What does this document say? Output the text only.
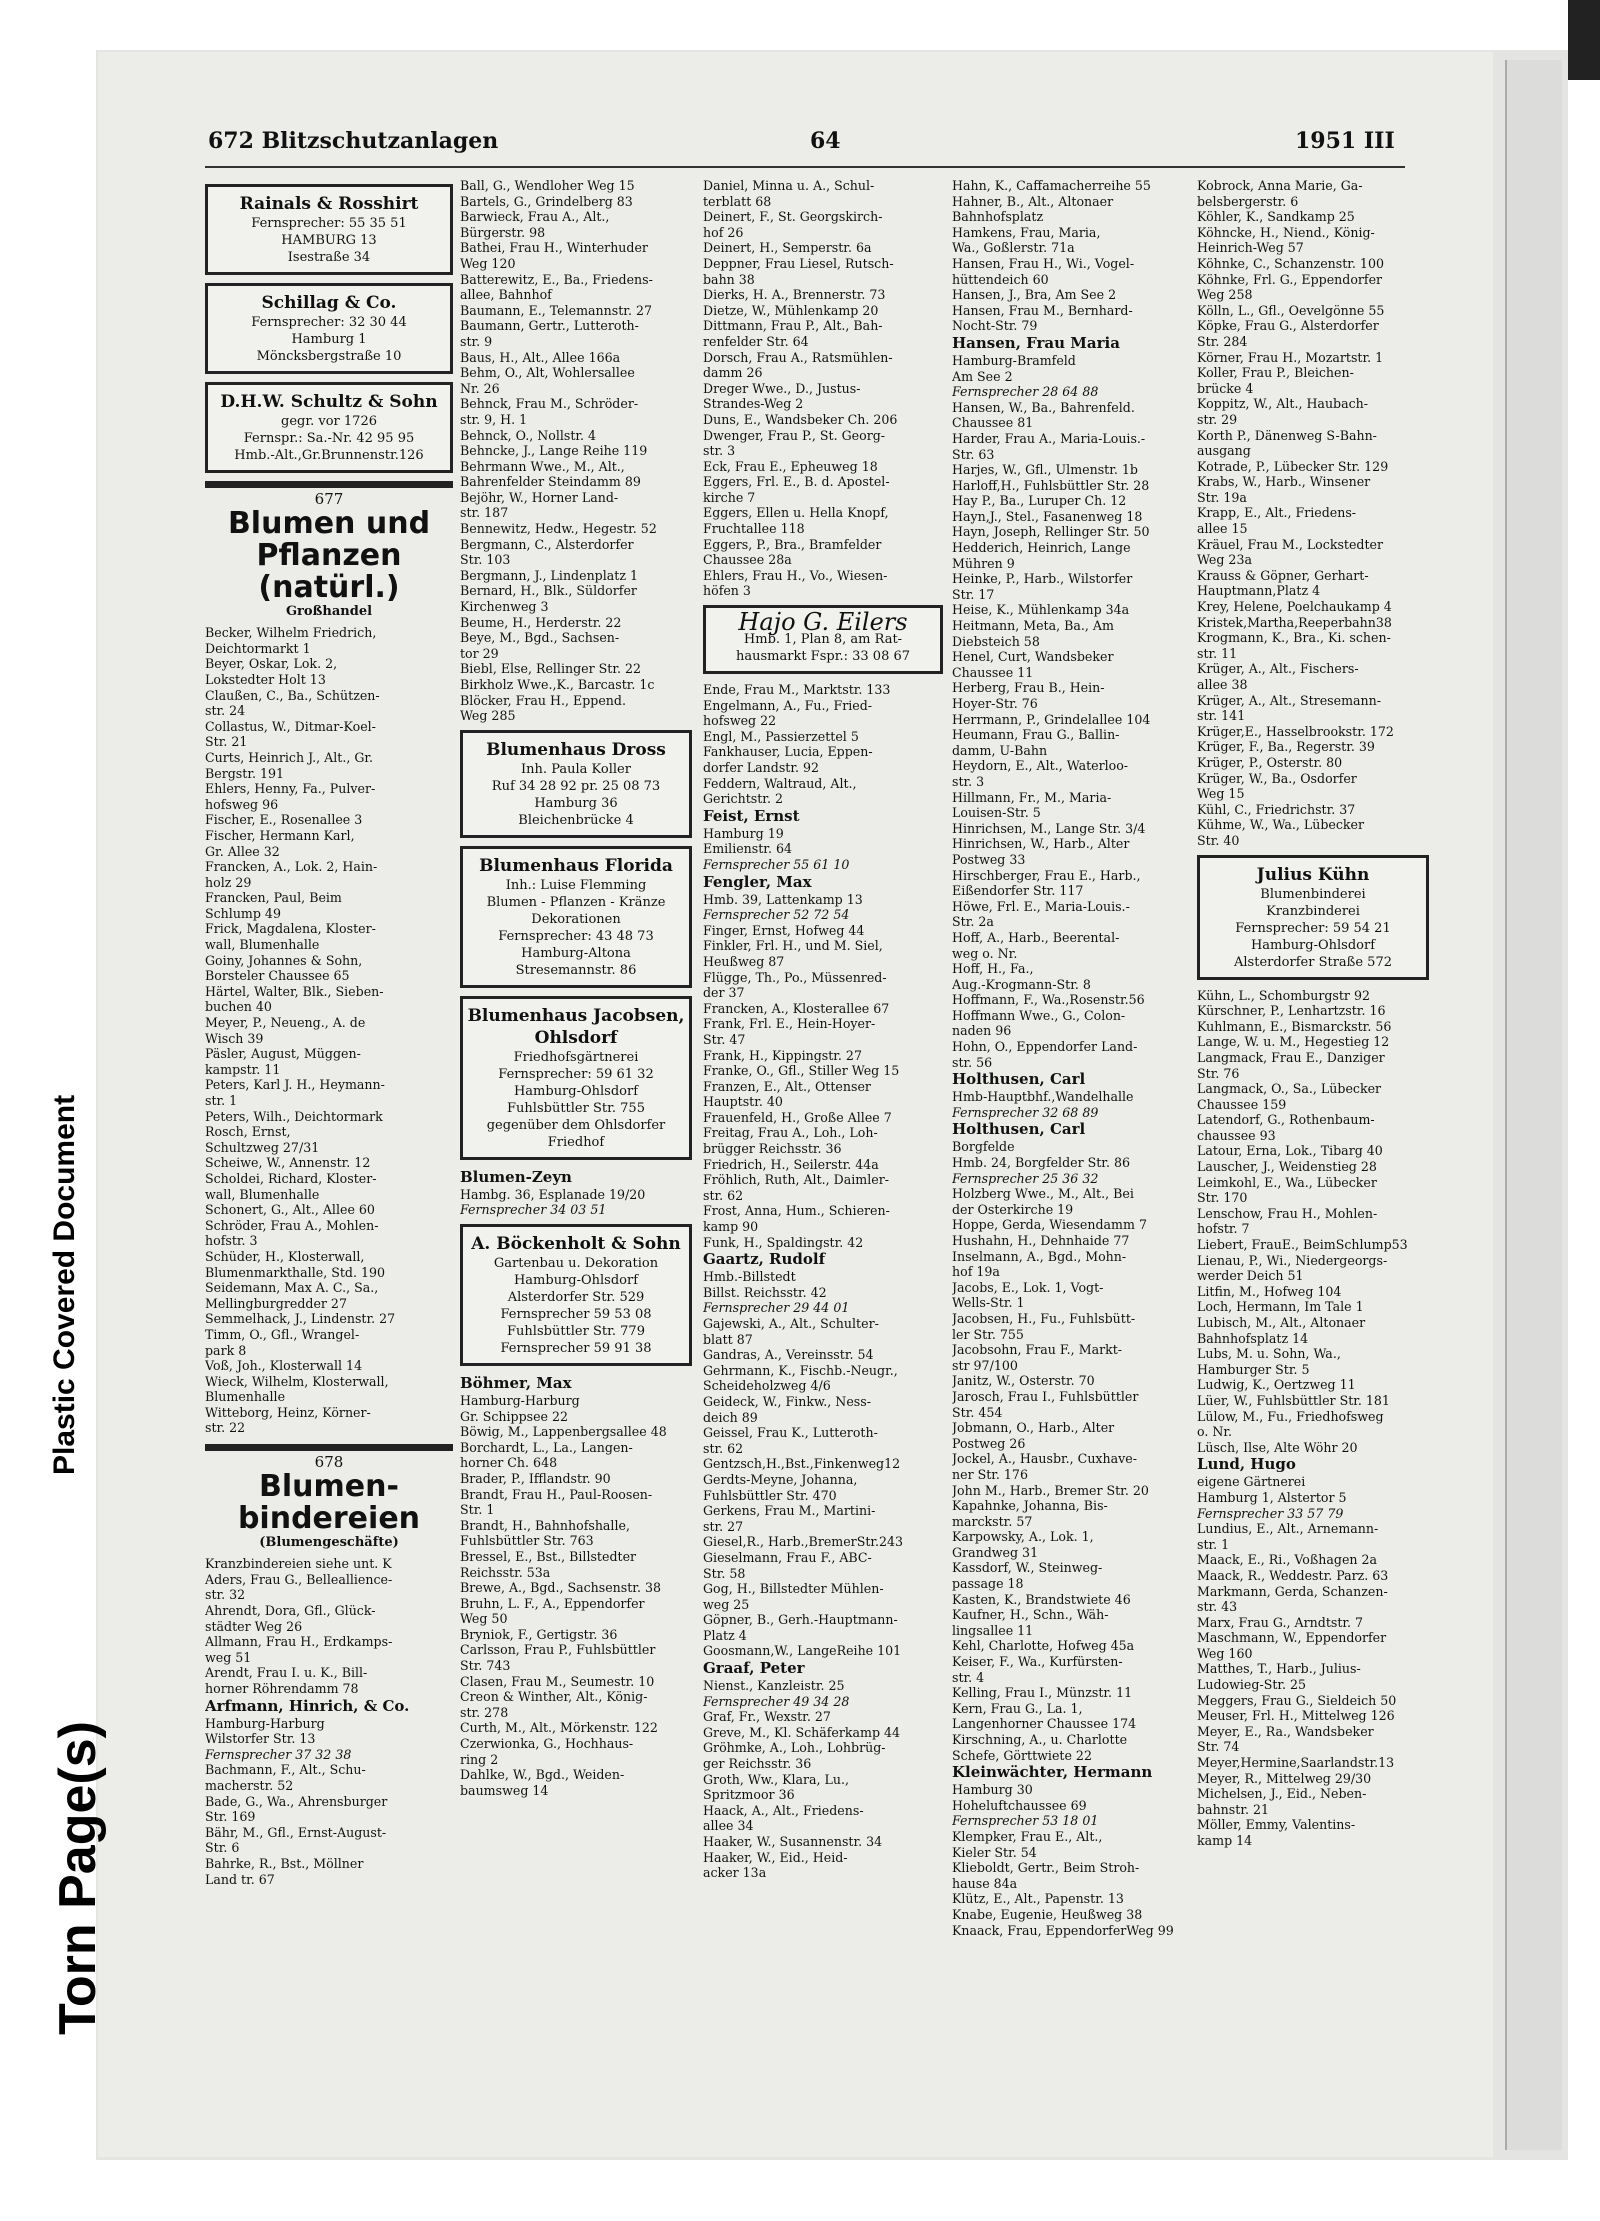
Torn Page(s)
Plastic Covered Document
672 Blitzschutzanlagen	64	1951 III
Rainals & Rosshirt
Fernsprecher: 55 35 51
HAMBURG 13
Isestraße 34
Schillag & Co.
Fernsprecher: 32 30 44
Hamburg 1
Möncksbergstraße 10
D.H.W. Schultz & Sohn
gegr. vor 1726
Fernspr.: Sa.-Nr. 42 95 95
Hmb.-Alt.,Gr.Brunnenstr.126
677
Blumen und
Pflanzen (natürl.)
Großhandel
Becker, Wilhelm Friedrich,
Deichtormarkt 1
Beyer, Oskar, Lok. 2,
Lokstedter Holt 13
Claußen, C., Ba., Schützen-
str. 24
Collastus, W., Ditmar-Koel-
Str. 21
Curts, Heinrich J., Alt., Gr.
Bergstr. 191
Ehlers, Henny, Fa., Pulver-
hofsweg 96
Fischer, E., Rosenallee 3
Fischer, Hermann Karl,
Gr. Allee 32
Francken, A., Lok. 2, Hain-
holz 29
Francken, Paul, Beim
Schlump 49
Frick, Magdalena, Kloster-
wall, Blumenhalle
Goiny, Johannes & Sohn,
Borsteler Chaussee 65
Härtel, Walter, Blk., Sieben-
buchen 40
Meyer, P., Neueng., A. de
Wisch 39
Päsler, August, Müggen-
kampstr. 11
Peters, Karl J. H., Heymann-
str. 1
Peters, Wilh., Deichtormark
Rosch, Ernst,
Schultzweg 27/31
Scheiwe, W., Annenstr. 12
Scholdei, Richard, Kloster-
wall, Blumenhalle
Schonert, G., Alt., Allee 60
Schröder, Frau A., Mohlen-
hofstr. 3
Schüder, H., Klosterwall,
Blumenmarkthalle, Std. 190
Seidemann, Max A. C., Sa.,
Mellingburgredder 27
Semmelhack, J., Lindenstr. 27
Timm, O., Gfl., Wrangel-
park 8
Voß, Joh., Klosterwall 14
Wieck, Wilhelm, Klosterwall,
Blumenhalle
Witteborg, Heinz, Körner-
str. 22
678
Blumen-
bindereien
(Blumengeschäfte)
Kranzbindereien siehe unt. K
Aders, Frau G., Belleallience-
str. 32
Ahrendt, Dora, Gfl., Glück-
städter Weg 26
Allmann, Frau H., Erdkamps-
weg 51
Arendt, Frau I. u. K., Bill-
horner Röhrendamm 78
Arfmann, Hinrich, & Co.
Hamburg-Harburg
Wilstorfer Str. 13
Fernsprecher 37 32 38
Bachmann, F., Alt., Schu-
macherstr. 52
Bade, G., Wa., Ahrensburger
Str. 169
Bähr, M., Gfl., Ernst-August-
Str. 6
Bahrke, R., Bst., Möllner
Land tr. 67
Ball, G., Wendloher Weg 15
Bartels, G., Grindelberg 83
Barwieck, Frau A., Alt.,
Bürgerstr. 98
Bathei, Frau H., Winterhuder
Weg 120
Batterewitz, E., Ba., Friedens-
allee, Bahnhof
Baumann, E., Telemannstr. 27
Baumann, Gertr., Lutteroth-
str. 9
Baus, H., Alt., Allee 166a
Behm, O., Alt, Wohlersallee
Nr. 26
Behnck, Frau M., Schröder-
str. 9, H. 1
Behnck, O., Nollstr. 4
Behncke, J., Lange Reihe 119
Behrmann Wwe., M., Alt.,
Bahrenfelder Steindamm 89
Bejöhr, W., Horner Land-
str. 187
Bennewitz, Hedw., Hegestr. 52
Bergmann, C., Alsterdorfer
Str. 103
Bergmann, J., Lindenplatz 1
Bernard, H., Blk., Süldorfer
Kirchenweg 3
Beume, H., Herderstr. 22
Beye, M., Bgd., Sachsen-
tor 29
Biebl, Else, Rellinger Str. 22
Birkholz Wwe.,K., Barcastr. 1c
Blöcker, Frau H., Eppend.
Weg 285
Blumenhaus Dross
Inh. Paula Koller
Ruf 34 28 92 pr. 25 08 73
Hamburg 36
Bleichenbrücke 4
Blumenhaus Florida
Inh.: Luise Flemming
Blumen - Pflanzen - Kränze
Dekorationen
Fernsprecher: 43 48 73
Hamburg-Altona
Stresemannstr. 86
Blumenhaus Jacobsen, Ohlsdorf
Friedhofsgärtnerei
Fernsprecher: 59 61 32
Hamburg-Ohlsdorf
Fuhlsbüttler Str. 755
gegenüber dem Ohlsdorfer
Friedhof
Blumen-Zeyn
Hambg. 36, Esplanade 19/20
Fernsprecher 34 03 51
A. Böckenholt & Sohn
Gartenbau u. Dekoration
Hamburg-Ohlsdorf
Alsterdorfer Str. 529
Fernsprecher 59 53 08
Fuhlsbüttler Str. 779
Fernsprecher 59 91 38
Böhmer, Max
Hamburg-Harburg
Gr. Schippsee 22
Böwig, M., Lappenbergsallee 48
Borchardt, L., La., Langen-
horner Ch. 648
Brader, P., Ifflandstr. 90
Brandt, Frau H., Paul-Roosen-
Str. 1
Brandt, H., Bahnhofshalle,
Fuhlsbüttler Str. 763
Bressel, E., Bst., Billstedter
Reichsstr. 53a
Brewe, A., Bgd., Sachsenstr. 38
Bruhn, L. F., A., Eppendorfer
Weg 50
Bryniok, F., Gertigstr. 36
Carlsson, Frau P., Fuhlsbüttler
Str. 743
Clasen, Frau M., Seumestr. 10
Creon & Winther, Alt., König-
str. 278
Curth, M., Alt., Mörkenstr. 122
Czerwionka, G., Hochhaus-
ring 2
Dahlke, W., Bgd., Weiden-
baumsweg 14
Daniel, Minna u. A., Schul-
terblatt 68
Deinert, F., St. Georgskirch-
hof 26
Deinert, H., Semperstr. 6a
Deppner, Frau Liesel, Rutsch-
bahn 38
Dierks, H. A., Brennerstr. 73
Dietze, W., Mühlenkamp 20
Dittmann, Frau P., Alt., Bah-
renfelder Str. 64
Dorsch, Frau A., Ratsmühlen-
damm 26
Dreger Wwe., D., Justus-
Strandes-Weg 2
Duns, E., Wandsbeker Ch. 206
Dwenger, Frau P., St. Georg-
str. 3
Eck, Frau E., Epheuweg 18
Eggers, Frl. E., B. d. Apostel-
kirche 7
Eggers, Ellen u. Hella Knopf,
Fruchtallee 118
Eggers, P., Bra., Bramfelder
Chaussee 28a
Ehlers, Frau H., Vo., Wiesen-
höfen 3
Hajo G. Eilers
Hmb. 1, Plan 8, am Rat-
hausmarkt Fspr.: 33 08 67
Ende, Frau M., Marktstr. 133
Engelmann, A., Fu., Fried-
hofsweg 22
Engl, M., Passierzettel 5
Fankhauser, Lucia, Eppen-
dorfer Landstr. 92
Feddern, Waltraud, Alt.,
Gerichtstr. 2
Feist, Ernst
Hamburg 19
Emilienstr. 64
Fernsprecher 55 61 10
Fengler, Max
Hmb. 39, Lattenkamp 13
Fernsprecher 52 72 54
Finger, Ernst, Hofweg 44
Finkler, Frl. H., und M. Siel,
Heußweg 87
Flügge, Th., Po., Müssenred-
der 37
Francken, A., Klosterallee 67
Frank, Frl. E., Hein-Hoyer-
Str. 47
Frank, H., Kippingstr. 27
Franke, O., Gfl., Stiller Weg 15
Franzen, E., Alt., Ottenser
Hauptstr. 40
Frauenfeld, H., Große Allee 7
Freitag, Frau A., Loh., Loh-
brügger Reichsstr. 36
Friedrich, H., Seilerstr. 44a
Fröhlich, Ruth, Alt., Daimler-
str. 62
Frost, Anna, Hum., Schieren-
kamp 90
Funk, H., Spaldingstr. 42
Gaartz, Rudolf
Hmb.-Billstedt
Billst. Reichsstr. 42
Fernsprecher 29 44 01
Gajewski, A., Alt., Schulter-
blatt 87
Gandras, A., Vereinsstr. 54
Gehrmann, K., Fischb.-Neugr.,
Scheideholzweg 4/6
Geideck, W., Finkw., Ness-
deich 89
Geissel, Frau K., Lutteroth-
str. 62
Gentzsch,H.,Bst.,Finkenweg12
Gerdts-Meyne, Johanna,
Fuhlsbüttler Str. 470
Gerkens, Frau M., Martini-
str. 27
Giesel,R., Harb.,BremerStr.243
Gieselmann, Frau F., ABC-
Str. 58
Gog, H., Billstedter Mühlen-
weg 25
Göpner, B., Gerh.-Hauptmann-
Platz 4
Goosmann,W., LangeReihe 101
Graaf, Peter
Nienst., Kanzleistr. 25
Fernsprecher 49 34 28
Graf, Fr., Wexstr. 27
Greve, M., Kl. Schäferkamp 44
Gröhmke, A., Loh., Lohbrüg-
ger Reichsstr. 36
Groth, Ww., Klara, Lu.,
Spritzmoor 36
Haack, A., Alt., Friedens-
allee 34
Haaker, W., Susannenstr. 34
Haaker, W., Eid., Heid-
acker 13a
Hahn, K., Caffamacherreihe 55
Hahner, B., Alt., Altonaer
Bahnhofsplatz
Hamkens, Frau, Maria,
Wa., Goßlerstr. 71a
Hansen, Frau H., Wi., Vogel-
hüttendeich 60
Hansen, J., Bra, Am See 2
Hansen, Frau M., Bernhard-
Nocht-Str. 79
Hansen, Frau Maria
Hamburg-Bramfeld
Am See 2
Fernsprecher 28 64 88
Hansen, W., Ba., Bahrenfeld.
Chaussee 81
Harder, Frau A., Maria-Louis.-
Str. 63
Harjes, W., Gfl., Ulmenstr. 1b
Harloff,H., Fuhlsbüttler Str. 28
Hay P., Ba., Luruper Ch. 12
Hayn,J., Stel., Fasanenweg 18
Hayn, Joseph, Rellinger Str. 50
Hedderich, Heinrich, Lange
Mühren 9
Heinke, P., Harb., Wilstorfer
Str. 17
Heise, K., Mühlenkamp 34a
Heitmann, Meta, Ba., Am
Diebsteich 58
Henel, Curt, Wandsbeker
Chaussee 11
Herberg, Frau B., Hein-
Hoyer-Str. 76
Herrmann, P., Grindelallee 104
Heumann, Frau G., Ballin-
damm, U-Bahn
Heydorn, E., Alt., Waterloo-
str. 3
Hillmann, Fr., M., Maria-
Louisen-Str. 5
Hinrichsen, M., Lange Str. 3/4
Hinrichsen, W., Harb., Alter
Postweg 33
Hirschberger, Frau E., Harb.,
Eißendorfer Str. 117
Höwe, Frl. E., Maria-Louis.-
Str. 2a
Hoff, A., Harb., Beerental-
weg o. Nr.
Hoff, H., Fa.,
Aug.-Krogmann-Str. 8
Hoffmann, F., Wa.,Rosenstr.56
Hoffmann Wwe., G., Colon-
naden 96
Hohn, O., Eppendorfer Land-
str. 56
Holthusen, Carl
Hmb-Hauptbhf.,Wandelhalle
Fernsprecher 32 68 89
Holthusen, Carl
Borgfelde
Hmb. 24, Borgfelder Str. 86
Fernsprecher 25 36 32
Holzberg Wwe., M., Alt., Bei
der Osterkirche 19
Hoppe, Gerda, Wiesendamm 7
Hushahn, H., Dehnhaide 77
Inselmann, A., Bgd., Mohn-
hof 19a
Jacobs, E., Lok. 1, Vogt-
Wells-Str. 1
Jacobsen, H., Fu., Fuhlsbütt-
ler Str. 755
Jacobsohn, Frau F., Markt-
str 97/100
Janitz, W., Osterstr. 70
Jarosch, Frau I., Fuhlsbüttler
Str. 454
Jobmann, O., Harb., Alter
Postweg 26
Jockel, A., Hausbr., Cuxhave-
ner Str. 176
John M., Harb., Bremer Str. 20
Kapahnke, Johanna, Bis-
marckstr. 57
Karpowsky, A., Lok. 1,
Grandweg 31
Kassdorf, W., Steinweg-
passage 18
Kasten, K., Brandstwiete 46
Kaufner, H., Schn., Wäh-
lingsallee 11
Kehl, Charlotte, Hofweg 45a
Keiser, F., Wa., Kurfürsten-
str. 4
Kelling, Frau I., Münzstr. 11
Kern, Frau G., La. 1,
Langenhorner Chaussee 174
Kirschning, A., u. Charlotte
Schefe, Görttwiete 22
Kleinwächter, Hermann
Hamburg 30
Hoheluftchaussee 69
Fernsprecher 53 18 01
Klempker, Frau E., Alt.,
Kieler Str. 54
Klieboldt, Gertr., Beim Stroh-
hause 84a
Klütz, E., Alt., Papenstr. 13
Knabe, Eugenie, Heußweg 38
Knaack, Frau, EppendorferWeg 99
Kobrock, Anna Marie, Ga-
belsbergerstr. 6
Köhler, K., Sandkamp 25
Köhncke, H., Niend., König-
Heinrich-Weg 57
Köhnke, C., Schanzenstr. 100
Köhnke, Frl. G., Eppendorfer
Weg 258
Kölln, L., Gfl., Oevelgönne 55
Köpke, Frau G., Alsterdorfer
Str. 284
Körner, Frau H., Mozartstr. 1
Koller, Frau P., Bleichen-
brücke 4
Koppitz, W., Alt., Haubach-
str. 29
Korth P., Dänenweg S-Bahn-
ausgang
Kotrade, P., Lübecker Str. 129
Krabs, W., Harb., Winsener
Str. 19a
Krapp, E., Alt., Friedens-
allee 15
Kräuel, Frau M., Lockstedter
Weg 23a
Krauss & Göpner, Gerhart-
Hauptmann,Platz 4
Krey, Helene, Poelchaukamp 4
Kristek,Martha,Reeperbahn38
Krogmann, K., Bra., Ki. schen-
str. 11
Krüger, A., Alt., Fischers-
allee 38
Krüger, A., Alt., Stresemann-
str. 141
Krüger,E., Hasselbrookstr. 172
Krüger, F., Ba., Regerstr. 39
Krüger, P., Osterstr. 80
Krüger, W., Ba., Osdorfer
Weg 15
Kühl, C., Friedrichstr. 37
Kühme, W., Wa., Lübecker
Str. 40
Julius Kühn
Blumenbinderei
Kranzbinderei
Fernsprecher: 59 54 21
Hamburg-Ohlsdorf
Alsterdorfer Straße 572
Kühn, L., Schomburgstr 92
Kürschner, P., Lenhartzstr. 16
Kuhlmann, E., Bismarckstr. 56
Lange, W. u. M., Hegestieg 12
Langmack, Frau E., Danziger
Str. 76
Langmack, O., Sa., Lübecker
Chaussee 159
Latendorf, G., Rothenbaum-
chaussee 93
Latour, Erna, Lok., Tibarg 40
Lauscher, J., Weidenstieg 28
Leimkohl, E., Wa., Lübecker
Str. 170
Lenschow, Frau H., Mohlen-
hofstr. 7
Liebert, FrauE., BeimSchlump53
Lienau, P., Wi., Niedergeorgs-
werder Deich 51
Litfin, M., Hofweg 104
Loch, Hermann, Im Tale 1
Lubisch, M., Alt., Altonaer
Bahnhofsplatz 14
Lubs, M. u. Sohn, Wa.,
Hamburger Str. 5
Ludwig, K., Oertzweg 11
Lüer, W., Fuhlsbüttler Str. 181
Lülow, M., Fu., Friedhofsweg
o. Nr.
Lüsch, Ilse, Alte Wöhr 20
Lund, Hugo
eigene Gärtnerei
Hamburg 1, Alstertor 5
Fernsprecher 33 57 79
Lundius, E., Alt., Arnemann-
str. 1
Maack, E., Ri., Voßhagen 2a
Maack, R., Weddestr. Parz. 63
Markmann, Gerda, Schanzen-
str. 43
Marx, Frau G., Arndtstr. 7
Maschmann, W., Eppendorfer
Weg 160
Matthes, T., Harb., Julius-
Ludowieg-Str. 25
Meggers, Frau G., Sieldeich 50
Meuser, Frl. H., Mittelweg 126
Meyer, E., Ra., Wandsbeker
Str. 74
Meyer,Hermine,Saarlandstr.13
Meyer, R., Mittelweg 29/30
Michelsen, J., Eid., Neben-
bahnstr. 21
Möller, Emmy, Valentins-
kamp 14
